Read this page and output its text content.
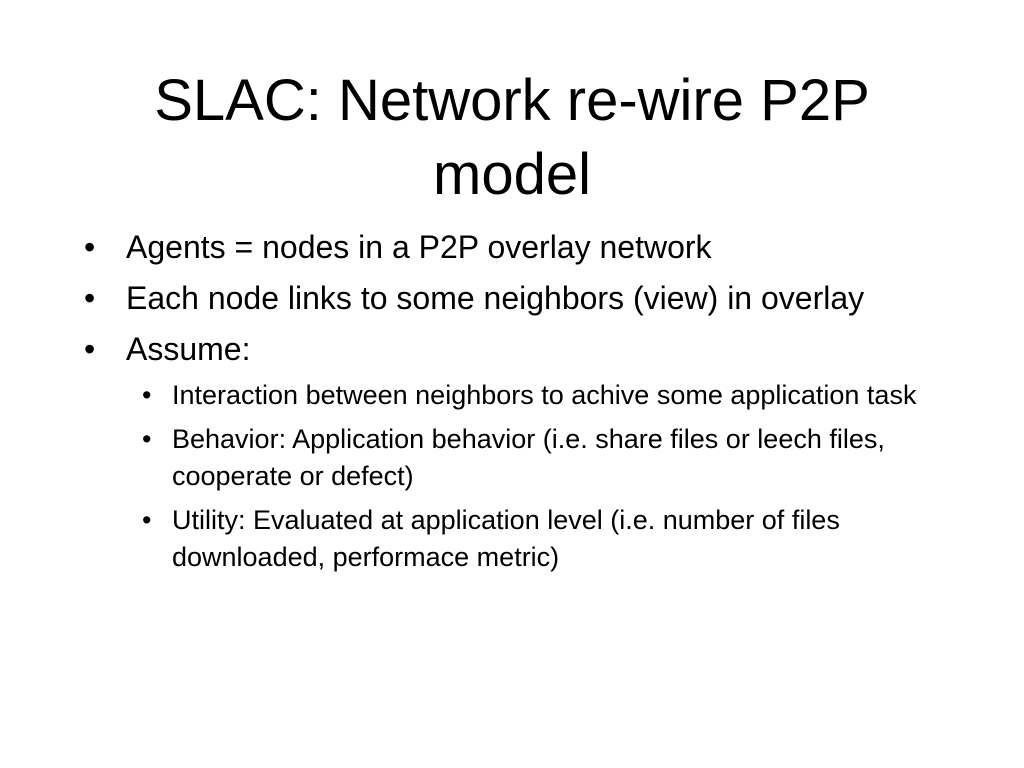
SLAC: Network re-wire P2P
model
• Agents = nodes in a P2P overlay network
• Each node links to some neighbors (view) in overlay
• Assume:
• Interaction between neighbors to achive some application task
• Behavior: Application behavior (i.e. share files or leech files, cooperate or defect)
• Utility: Evaluated at application level (i.e. number of files downloaded, performace metric)
